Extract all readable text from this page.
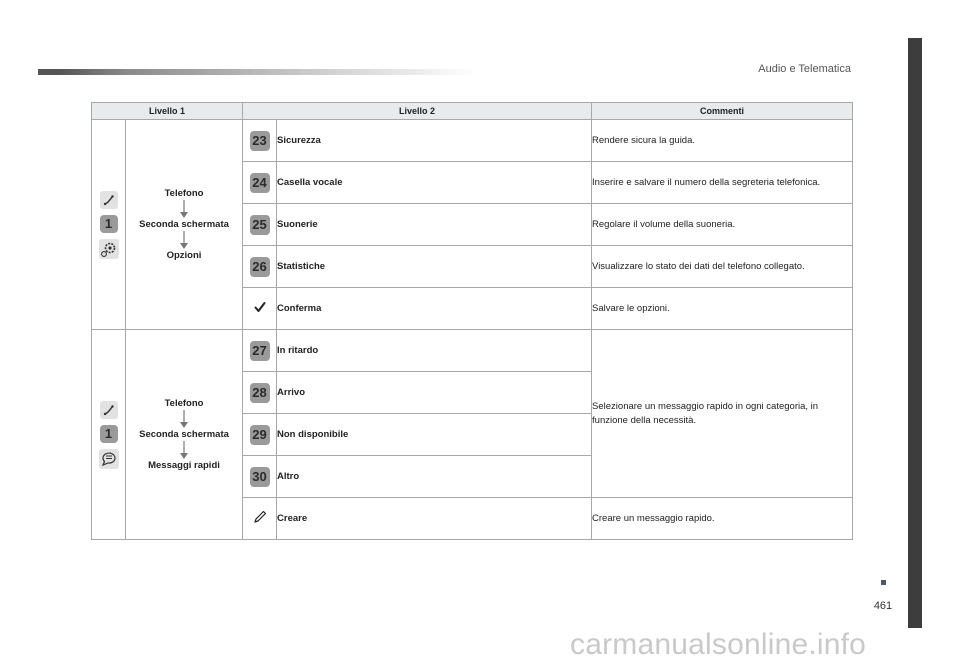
Audio e Telematica
461
carmanualsonline.info
Livello 1		Livello 2		Commenti

1	Telefono
Seconda schermata
Opzioni	23	Sicurezza	Rendere sicura la guida.
		24	Casella vocale	Inserire e salvare il numero della segreteria telefonica.
		25	Suonerie	Regolare il volume della suoneria.
		26	Statistiche	Visualizzare lo stato dei dati del telefono collegato.
	Conferma	Salvare le opzioni.

1	Telefono
Seconda schermata
Messaggi rapidi	27	In ritardo	Selezionare un messaggio rapido in ogni categoria, in funzione della necessità.
		28	Arrivo	
		29	Non disponibile	
		30	Altro	
	Creare	Creare un messaggio rapido.
